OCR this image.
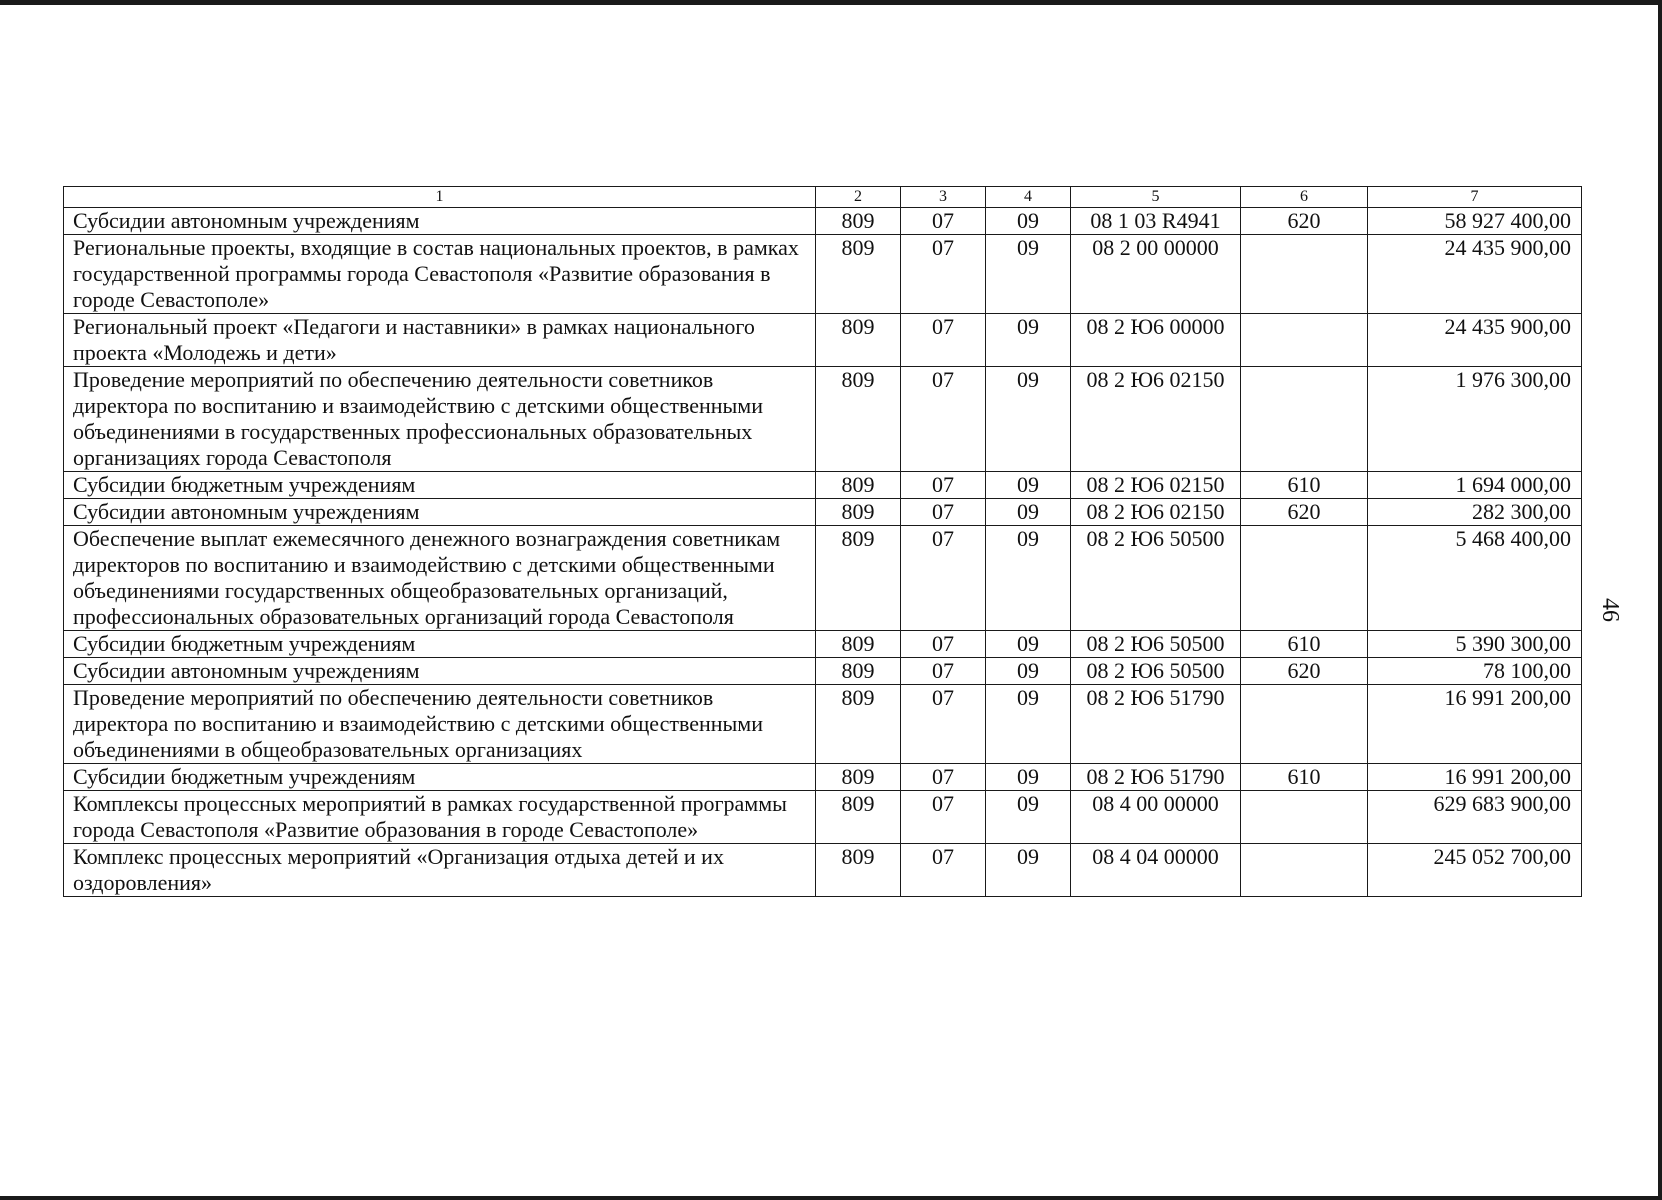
1	2	3	4	5	6	7
Субсидии автономным учреждениям	809	07	09	08 1 03 R4941	620	58 927 400,00
Региональные проекты, входящие в состав национальных проектов, в рамках государственной программы города Севастополя «Развитие образования в городе Севастополе»	809	07	09	08 2 00 00000		24 435 900,00
Региональный проект «Педагоги и наставники» в рамках национального проекта «Молодежь и дети»	809	07	09	08 2 Ю6 00000		24 435 900,00
Проведение мероприятий по обеспечению деятельности советников директора по воспитанию и взаимодействию с детскими общественными объединениями в государственных профессиональных образовательных организациях города Севастополя	809	07	09	08 2 Ю6 02150		1 976 300,00
Субсидии бюджетным учреждениям	809	07	09	08 2 Ю6 02150	610	1 694 000,00
Субсидии автономным учреждениям	809	07	09	08 2 Ю6 02150	620	282 300,00
Обеспечение выплат ежемесячного денежного вознаграждения советникам директоров по воспитанию и взаимодействию с детскими общественными объединениями государственных общеобразовательных организаций, профессиональных образовательных организаций города Севастополя	809	07	09	08 2 Ю6 50500		5 468 400,00
Субсидии бюджетным учреждениям	809	07	09	08 2 Ю6 50500	610	5 390 300,00
Субсидии автономным учреждениям	809	07	09	08 2 Ю6 50500	620	78 100,00
Проведение мероприятий по обеспечению деятельности советников директора по воспитанию и взаимодействию с детскими общественными объединениями в общеобразовательных организациях	809	07	09	08 2 Ю6 51790		16 991 200,00
Субсидии бюджетным учреждениям	809	07	09	08 2 Ю6 51790	610	16 991 200,00
Комплексы процессных мероприятий в рамках государственной программы города Севастополя «Развитие образования в городе Севастополе»	809	07	09	08 4 00 00000		629 683 900,00
Комплекс процессных мероприятий «Организация отдыха детей и их оздоровления»	809	07	09	08 4 04 00000		245 052 700,00
46
